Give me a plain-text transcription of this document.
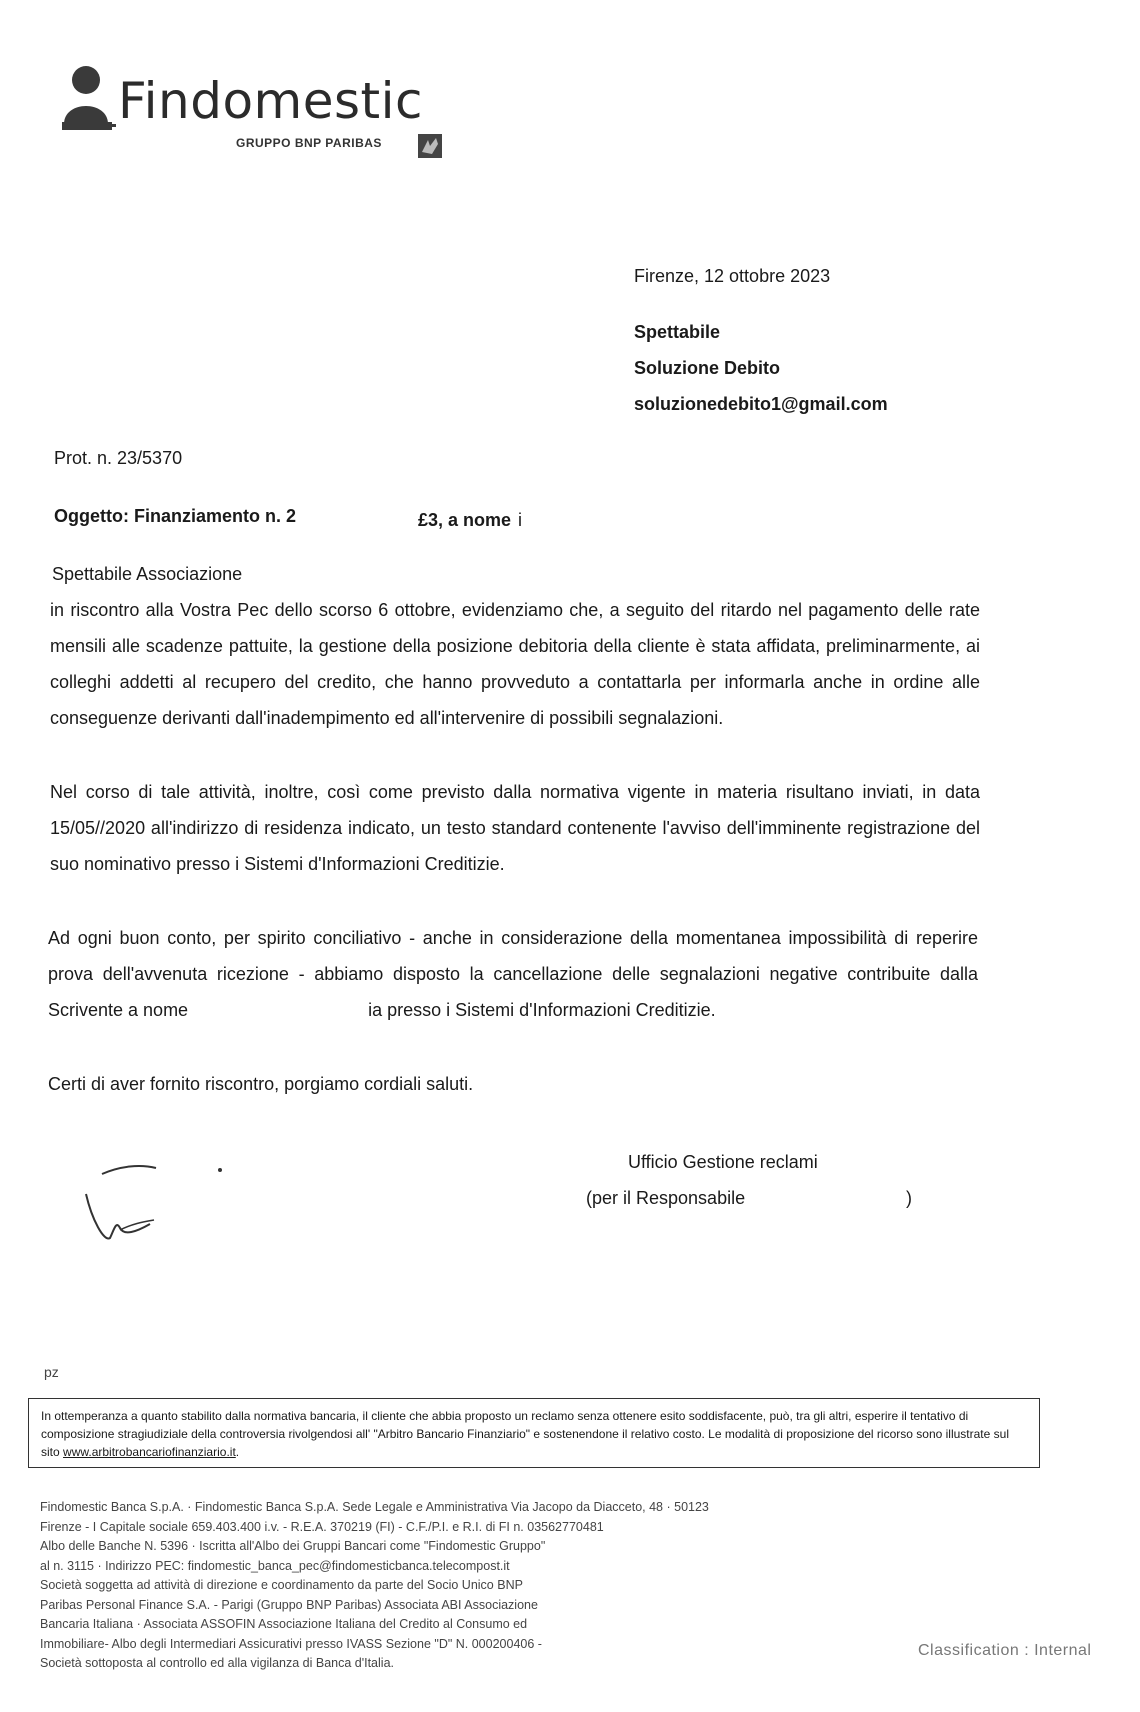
Findomestic
GRUPPO BNP PARIBAS
Firenze, 12 ottobre 2023
Spettabile
Soluzione Debito
soluzionedebito1@gmail.com
Prot. n. 23/5370
Oggetto: Finanziamento n. 2	£3, a nome i
Spettabile Associazione
in riscontro alla Vostra Pec dello scorso 6 ottobre, evidenziamo che, a seguito del ritardo nel pagamento delle rate mensili alle scadenze pattuite, la gestione della posizione debitoria della cliente è stata affidata, preliminarmente, ai colleghi addetti al recupero del credito, che hanno provveduto a contattarla per informarla anche in ordine alle conseguenze derivanti dall'inadempimento ed all'intervenire di possibili segnalazioni.
Nel corso di tale attività, inoltre, così come previsto dalla normativa vigente in materia risultano inviati, in data 15/05//2020 all'indirizzo di residenza indicato, un testo standard contenente l'avviso dell'imminente registrazione del suo nominativo presso i Sistemi d'Informazioni Creditizie.
Ad ogni buon conto, per spirito conciliativo - anche in considerazione della momentanea impossibilità di reperire prova dell'avvenuta ricezione - abbiamo disposto la cancellazione delle segnalazioni negative contribuite dalla Scrivente a nome	ia presso i Sistemi d'Informazioni Creditizie.
Certi di aver fornito riscontro, porgiamo cordiali saluti.
Ufficio Gestione reclami
(per il Responsabile	)
pz
In ottemperanza a quanto stabilito dalla normativa bancaria, il cliente che abbia proposto un reclamo senza ottenere esito soddisfacente, può, tra gli altri, esperire il tentativo di composizione stragiudiziale della controversia rivolgendosi all' "Arbitro Bancario Finanziario" e sostenendone il relativo costo. Le modalità di proposizione del ricorso sono illustrate sul sito www.arbitrobancariofinanziario.it.
Findomestic Banca S.p.A. · Findomestic Banca S.p.A. Sede Legale e Amministrativa Via Jacopo da Diacceto, 48 · 50123
Firenze - I Capitale sociale 659.403.400 i.v. - R.E.A. 370219 (FI) - C.F./P.I. e R.I. di FI n. 03562770481
Albo delle Banche N. 5396 · Iscritta all'Albo dei Gruppi Bancari come "Findomestic Gruppo"
al n. 3115 · Indirizzo PEC: findomestic_banca_pec@findomesticbanca.telecompost.it
Società soggetta ad attività di direzione e coordinamento da parte del Socio Unico BNP
Paribas Personal Finance S.A. - Parigi (Gruppo BNP Paribas) Associata ABI Associazione
Bancaria Italiana · Associata ASSOFIN Associazione Italiana del Credito al Consumo ed
Immobiliare- Albo degli Intermediari Assicurativi presso IVASS Sezione "D" N. 000200406 -
Società sottoposta al controllo ed alla vigilanza di Banca d'Italia.
Classification : Internal
